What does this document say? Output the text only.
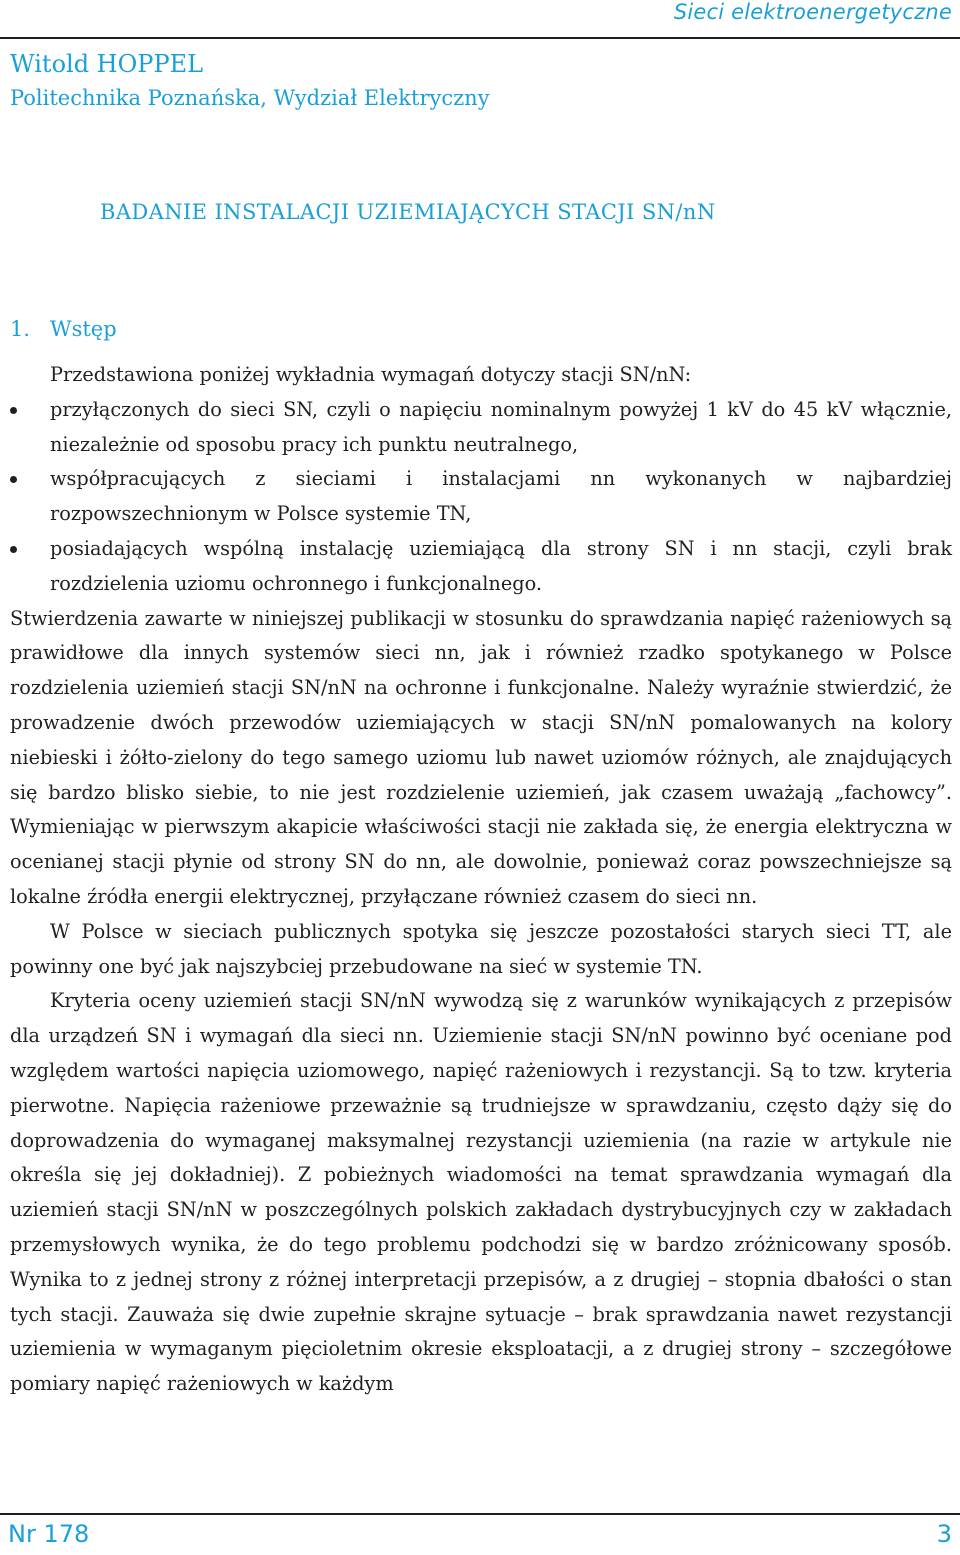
Sieci elektroenergetyczne
Witold HOPPEL
Politechnika Poznańska, Wydział Elektryczny
BADANIE INSTALACJI UZIEMIAJĄCYCH STACJI SN/nN
1. Wstęp

Przedstawiona poniżej wykładnia wymagań dotyczy stacji SN/nN:

przyłączonych do sieci SN, czyli o napięciu nominalnym powyżej 1 kV do 45 kV włącznie, niezależnie od sposobu pracy ich punktu neutralnego,
współpracujących z sieciami i instalacjami nn wykonanych w najbardziej rozpowszechnionym w Polsce systemie TN,
posiadających wspólną instalację uziemiającą dla strony SN i nn stacji, czyli brak rozdzielenia uziomu ochronnego i funkcjonalnego.

Stwierdzenia zawarte w niniejszej publikacji w stosunku do sprawdzania napięć rażeniowych są prawidłowe dla innych systemów sieci nn, jak i również rzadko spotykanego w Polsce rozdzielenia uziemień stacji SN/nN na ochronne i funkcjonalne. Należy wyraźnie stwierdzić, że prowadzenie dwóch przewodów uziemiających w stacji SN/nN pomalowanych na kolory niebieski i żółto-zielony do tego samego uziomu lub nawet uziomów różnych, ale znajdujących się bardzo blisko siebie, to nie jest rozdzielenie uziemień, jak czasem uważają „fachowcy”. Wymieniając w pierwszym akapicie właściwości stacji nie zakłada się, że energia elektryczna w ocenianej stacji płynie od strony SN do nn, ale dowolnie, ponieważ coraz powszechniejsze są lokalne źródła energii elektrycznej, przyłączane również czasem do sieci nn.

W Polsce w sieciach publicznych spotyka się jeszcze pozostałości starych sieci TT, ale powinny one być jak najszybciej przebudowane na sieć w systemie TN.

Kryteria oceny uziemień stacji SN/nN wywodzą się z warunków wynikających z przepisów dla urządzeń SN i wymagań dla sieci nn. Uziemienie stacji SN/nN powinno być oceniane pod względem wartości napięcia uziomowego, napięć rażeniowych i rezystancji. Są to tzw. kryteria pierwotne. Napięcia rażeniowe przeważnie są trudniejsze w sprawdzaniu, często dąży się do doprowadzenia do wymaganej maksymalnej rezystancji uziemienia (na razie w artykule nie określa się jej dokładniej). Z pobieżnych wiadomości na temat sprawdzania wymagań dla uziemień stacji SN/nN w poszczególnych polskich zakładach dystrybucyjnych czy w zakładach przemysłowych wynika, że do tego problemu podchodzi się w bardzo zróżnicowany sposób. Wynika to z jednej strony z różnej interpretacji przepisów, a z drugiej – stopnia dbałości o stan tych stacji. Zauważa się dwie zupełnie skrajne sytuacje – brak sprawdzania nawet rezystancji uziemienia w wymaganym pięcioletnim okresie eksploatacji, a z drugiej strony – szczegółowe pomiary napięć rażeniowych w każdym

Nr 178	3
